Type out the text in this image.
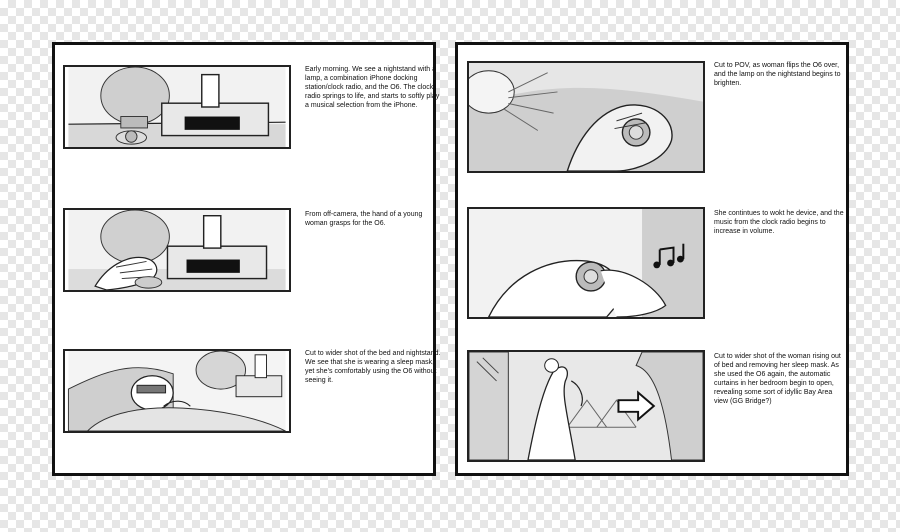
Early morning. We see a nightstand with a lamp, a combination iPhone docking station/clock radio, and the O6. The clock radio springs to life, and starts to softly play a musical selection from the iPhone.
From off-camera, the hand of a young woman grasps for the O6.
Cut to wider shot of the bed and nightstand. We see that she is wearing a sleep mask, yet she’s comfortably using the O6 without seeing it.
Cut to POV, as woman flips the O6 over, and the lamp on the nightstand begins to brighten.
She contintues to wokt he device, and the music from the clock radio begins to increase in volume.
Cut to wider shot of the woman rising out of bed and removing her sleep mask. As she used the O6 again, the automatic curtains in her bedroom begin to open, revealing some sort of idyllic Bay Area view (GG Bridge?)
